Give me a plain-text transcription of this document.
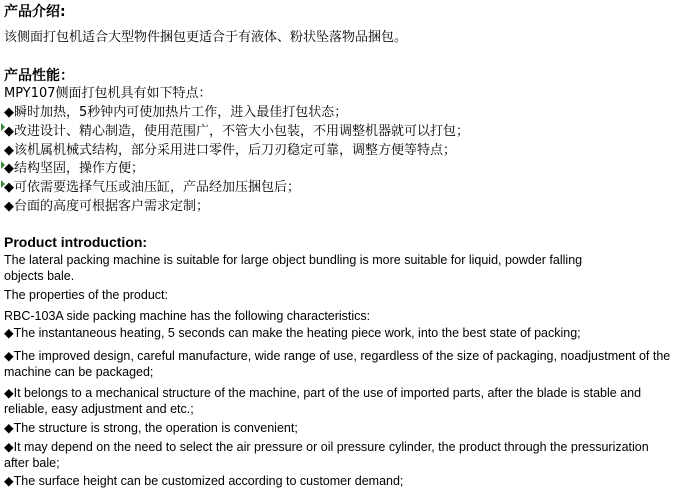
产品介绍:
该侧面打包机适合大型物件捆包更适合于有液体、粉状坠落物品捆包。
产品性能：
MPY107侧面打包机具有如下特点：
◆瞬时加热，5秒钟内可使加热片工作，进入最佳打包状态；
◆改进设计、精心制造，使用范围广，不管大小包装，不用调整机器就可以打包；
◆该机属机械式结构，部分采用进口零件，后刀刃稳定可靠，调整方便等特点；
◆结构坚固，操作方便；
◆可依需要选择气压或油压缸，产品经加压捆包后；
◆台面的高度可根据客户需求定制；
Product introduction:
The lateral packing machine is suitable for large object bundling is more suitable for liquid, powder falling objects bale.
The properties of the product:
RBC-103A side packing machine has the following characteristics:
◆The instantaneous heating, 5 seconds can make the heating piece work, into the best state of packing;
◆The improved design, careful manufacture, wide range of use, regardless of the size of packaging, noadjustment of the machine can be packaged;
◆It belongs to a mechanical structure of the machine, part of the use of imported parts, after the blade is stable and reliable, easy adjustment and etc.;
◆The structure is strong, the operation is convenient;
◆It may depend on the need to select the air pressure or oil pressure cylinder, the product through the pressurization after bale;
◆The surface height can be customized according to customer demand;
